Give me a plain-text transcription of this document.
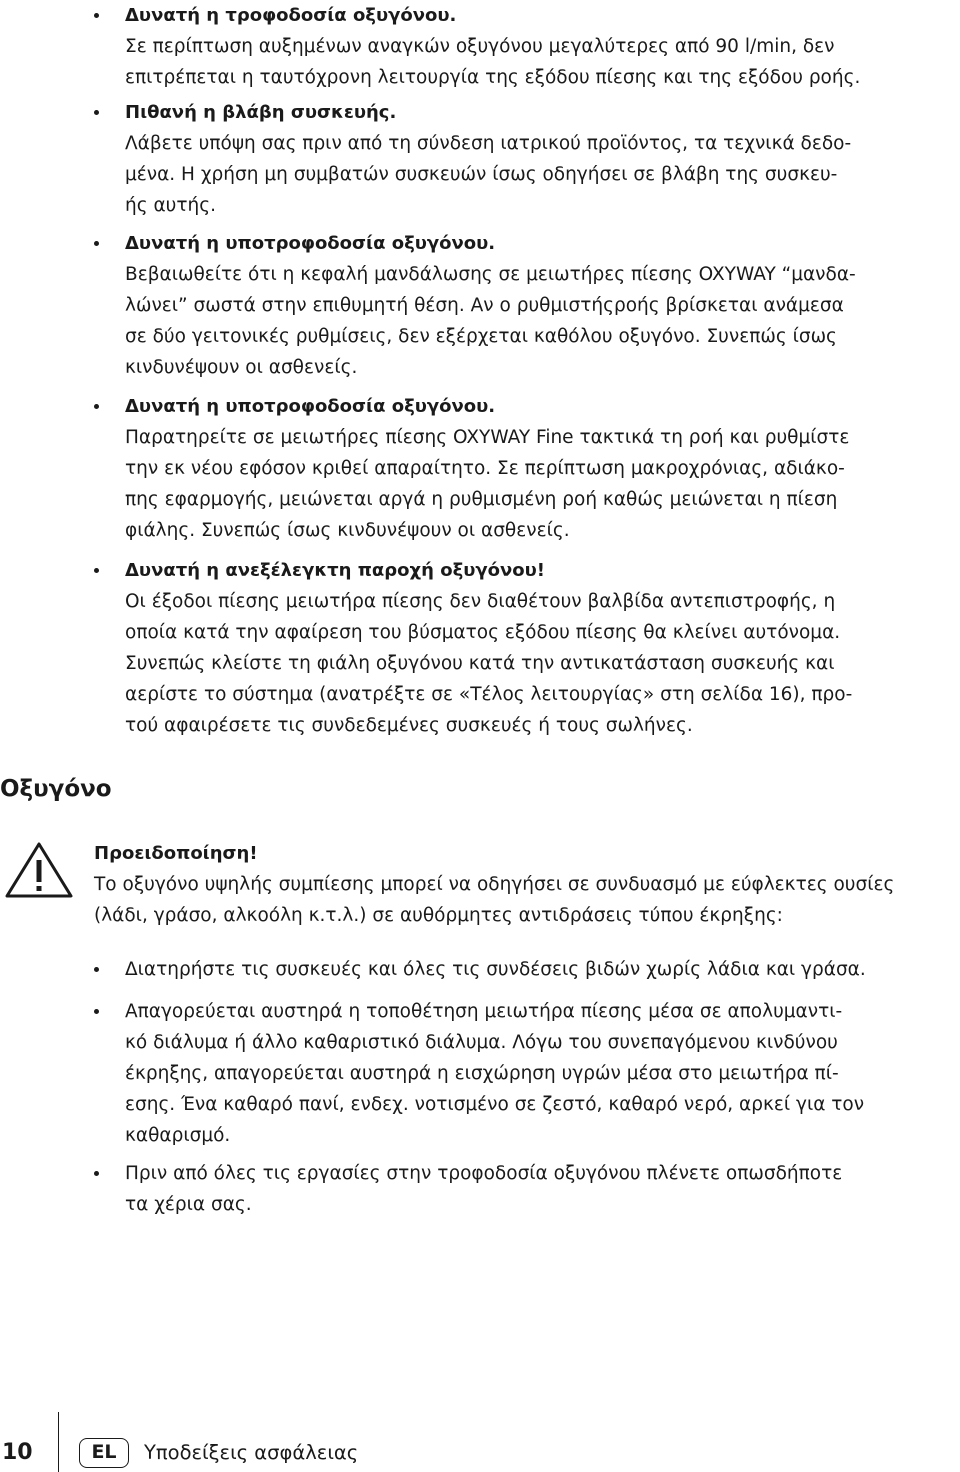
Δυνατή η τροφοδοσία οξυγόνου.
Σε περίπτωση αυξημένων αναγκών οξυγόνου μεγαλύτερες από 90 l/min, δεν
επιτρέπεται η ταυτόχρονη λειτουργία της εξόδου πίεσης και της εξόδου ροής.
Πιθανή η βλάβη συσκευής.
Λάβετε υπόψη σας πριν από τη σύνδεση ιατρικού προϊόντος, τα τεχνικά δεδο-
μένα. Η χρήση μη συμβατών συσκευών ίσως οδηγήσει σε βλάβη της συσκευ-
ής αυτής.
Δυνατή η υποτροφοδοσία οξυγόνου.
Βεβαιωθείτε ότι η κεφαλή μανδάλωσης σε μειωτήρες πίεσης OXYWAY “μανδα-
λώνει” σωστά στην επιθυμητή θέση. Αν ο ρυθμιστήςροής βρίσκεται ανάμεσα
σε δύο γειτονικές ρυθμίσεις, δεν εξέρχεται καθόλου οξυγόνο. Συνεπώς ίσως
κινδυνέψουν οι ασθενείς.
Δυνατή η υποτροφοδοσία οξυγόνου.
Παρατηρείτε σε μειωτήρες πίεσης OXYWAY Fine τακτικά τη ροή και ρυθμίστε
την εκ νέου εφόσον κριθεί απαραίτητο. Σε περίπτωση μακροχρόνιας, αδιάκο-
πης εφαρμογής, μειώνεται αργά η ρυθμισμένη ροή καθώς μειώνεται η πίεση
φιάλης. Συνεπώς ίσως κινδυνέψουν οι ασθενείς.
Δυνατή η ανεξέλεγκτη παροχή οξυγόνου!
Οι έξοδοι πίεσης μειωτήρα πίεσης δεν διαθέτουν βαλβίδα αντεπιστροφής, η
οποία κατά την αφαίρεση του βύσματος εξόδου πίεσης θα κλείνει αυτόνομα.
Συνεπώς κλείστε τη φιάλη οξυγόνου κατά την αντικατάσταση συσκευής και
αερίστε το σύστημα (ανατρέξτε σε «Τέλος λειτουργίας» στη σελίδα 16), προ-
τού αφαιρέσετε τις συνδεδεμένες συσκευές ή τους σωλήνες.
Οξυγόνο
Προειδοποίηση!
Το οξυγόνο υψηλής συμπίεσης μπορεί να οδηγήσει σε συνδυασμό με εύφλεκτες ουσίες
(λάδι, γράσο, αλκοόλη κ.τ.λ.) σε αυθόρμητες αντιδράσεις τύπου έκρηξης:
Διατηρήστε τις συσκευές και όλες τις συνδέσεις βιδών χωρίς λάδια και γράσα.
Απαγορεύεται αυστηρά η τοποθέτηση μειωτήρα πίεσης μέσα σε απολυμαντι-
κό διάλυμα ή άλλο καθαριστικό διάλυμα. Λόγω του συνεπαγόμενου κινδύνου
έκρηξης, απαγορεύεται αυστηρά η εισχώρηση υγρών μέσα στο μειωτήρα πί-
εσης. Ένα καθαρό πανί, ενδεχ. νοτισμένο σε ζεστό, καθαρό νερό, αρκεί για τον
καθαρισμό.
Πριν από όλες τις εργασίες στην τροφοδοσία οξυγόνου πλένετε οπωσδήποτε
τα χέρια σας.
10	EL	Υποδείξεις ασφάλειας
